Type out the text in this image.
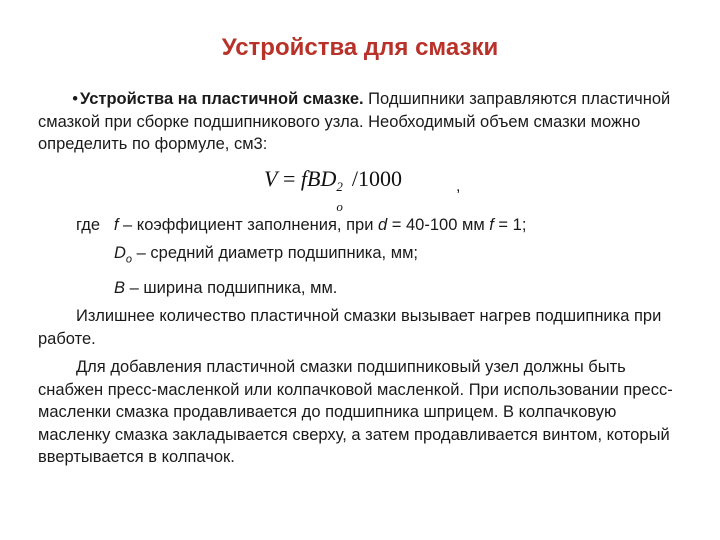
Устройства для смазки

• Устройства на пластичной смазке. Подшипники заправляются пластичной смазкой при сборке подшипникового узла. Необходимый объем смазки можно определить по формуле, см3:

V = fBD 2
o
/1000	,

где f – коэффициент заполнения, при d = 40-100 мм f = 1;

$D_o$ – средний диаметр подшипника, мм;

B – ширина подшипника, мм.

Излишнее количество пластичной смазки вызывает нагрев подшипника при работе.

Для добавления пластичной смазки подшипниковый узел должны быть снабжен пресс-масленкой или колпачковой масленкой. При использовании пресс-масленки смазка продавливается до подшипника шприцем. В колпачковую масленку смазка закладывается сверху, а затем продавливается винтом, который ввертывается в колпачок.
